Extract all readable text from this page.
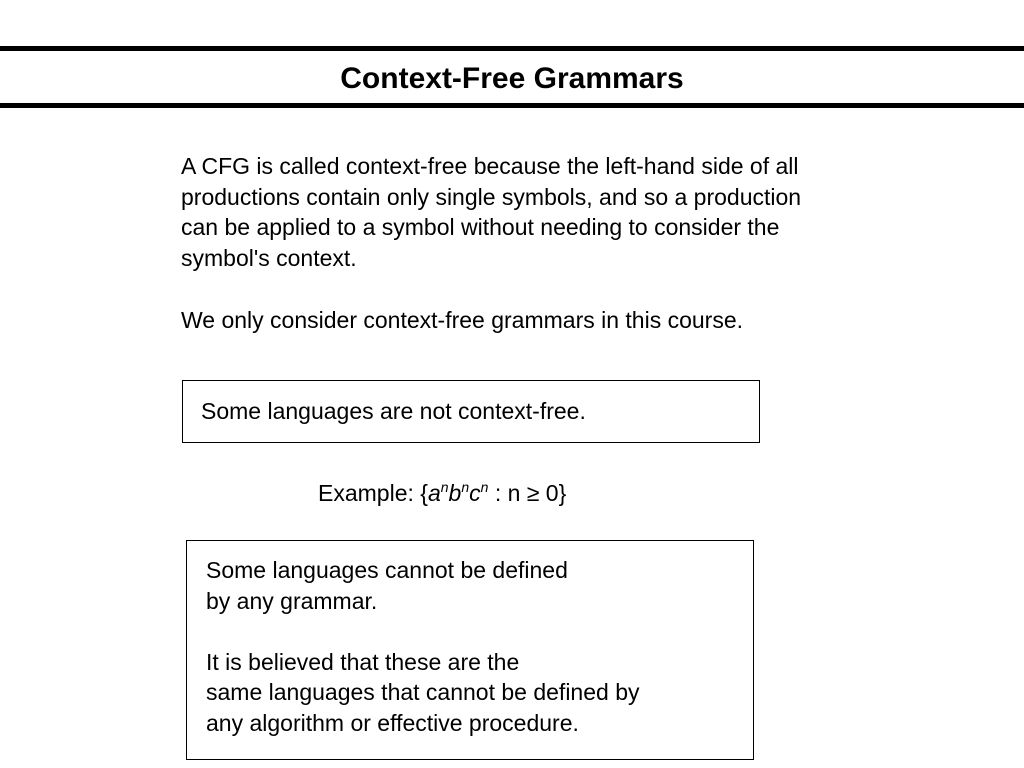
Context-Free Grammars

A CFG is called context-free because the left-hand side of all

productions contain only single symbols, and so a production

can be applied to a symbol without needing to consider the

symbol's context.

We only consider context-free grammars in this course.

Some languages are not context-free.

Example: {$a^nb^nc^n$ : n ≥ 0}

Some languages cannot be defined

by any grammar.

It is believed that these are the

same languages that cannot be defined by

any algorithm or effective procedure.
